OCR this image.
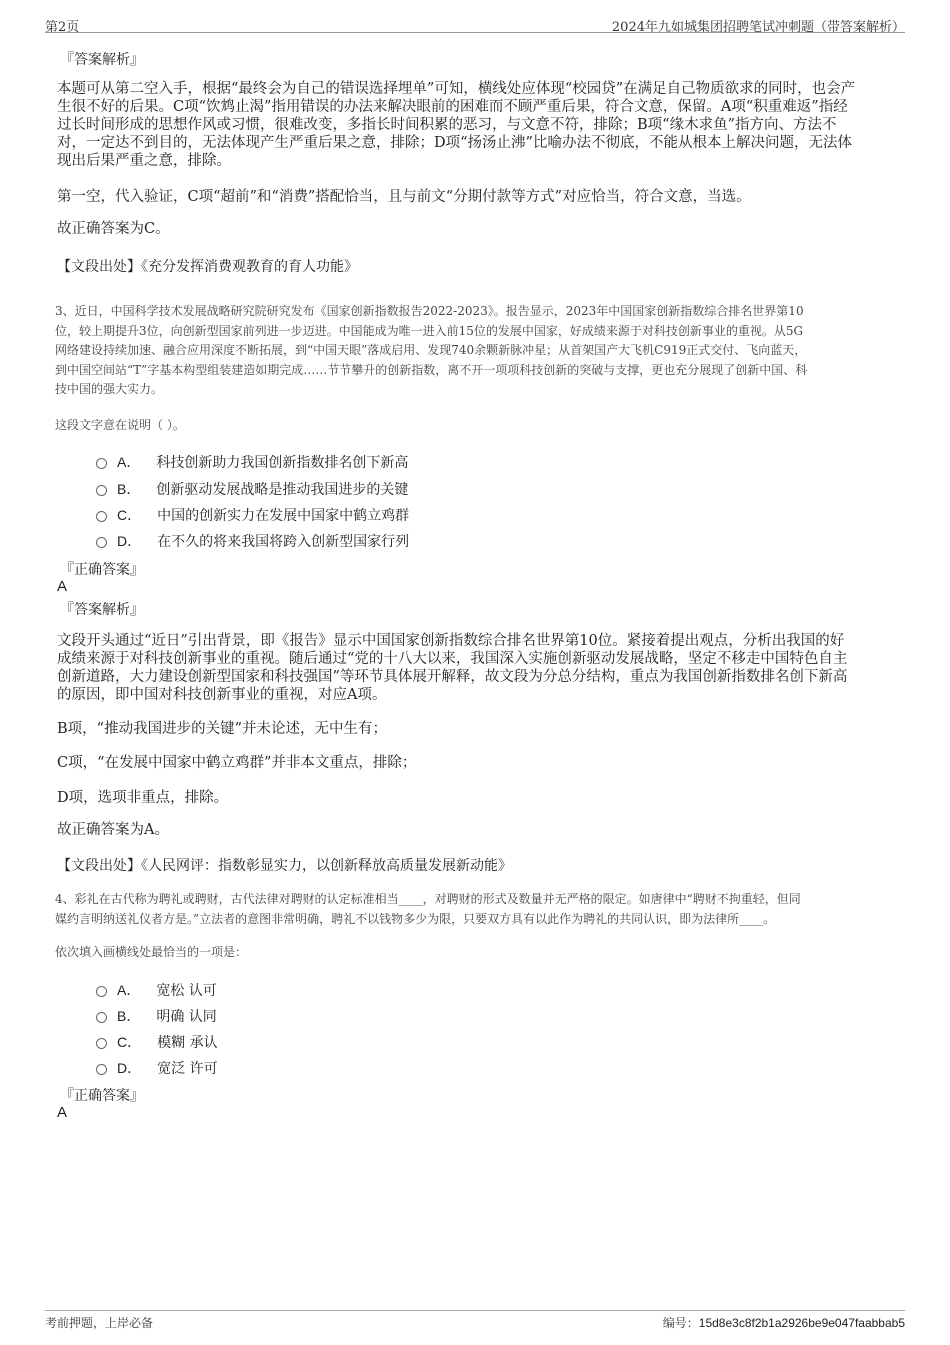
第2页	2024年九如城集团招聘笔试冲刺题（带答案解析）
『答案解析』
本题可从第二空入手，根据“最终会为自己的错误选择埋单”可知，横线处应体现“校园贷”在满足自己物质欲求的同时，也会产
生很不好的后果。C项“饮鸩止渴”指用错误的办法来解决眼前的困难而不顾严重后果，符合文意，保留。A项“积重难返”指经
过长时间形成的思想作风或习惯，很难改变，多指长时间积累的恶习，与文意不符，排除；B项“缘木求鱼”指方向、方法不
对，一定达不到目的，无法体现产生严重后果之意，排除；D项“扬汤止沸”比喻办法不彻底，不能从根本上解决问题，无法体
现出后果严重之意，排除。
第一空，代入验证，C项“超前”和“消费”搭配恰当，且与前文“分期付款等方式”对应恰当，符合文意，当选。
故正确答案为C。
【文段出处】《充分发挥消费观教育的育人功能》
3、近日，中国科学技术发展战略研究院研究发布《国家创新指数报告2022-2023》。报告显示，2023年中国国家创新指数综合排名世界第10
位，较上期提升3位，向创新型国家前列进一步迈进。中国能成为唯一进入前15位的发展中国家，好成绩来源于对科技创新事业的重视。从5G
网络建设持续加速、融合应用深度不断拓展，到“中国天眼”落成启用、发现740余颗新脉冲星；从首架国产大飞机C919正式交付、飞向蓝天，
到中国空间站“T”字基本构型组装建造如期完成……节节攀升的创新指数，离不开一项项科技创新的突破与支撑，更也充分展现了创新中国、科
技中国的强大实力。
这段文字意在说明（ ）。
A． 科技创新助力我国创新指数排名创下新高
B． 创新驱动发展战略是推动我国进步的关键
C． 中国的创新实力在发展中国家中鹤立鸡群
D． 在不久的将来我国将跨入创新型国家行列
『正确答案』
A
『答案解析』
文段开头通过“近日”引出背景，即《报告》显示中国国家创新指数综合排名世界第10位。紧接着提出观点，分析出我国的好
成绩来源于对科技创新事业的重视。随后通过“党的十八大以来，我国深入实施创新驱动发展战略，坚定不移走中国特色自主
创新道路，大力建设创新型国家和科技强国”等环节具体展开解释，故文段为分总分结构，重点为我国创新指数排名创下新高
的原因，即中国对科技创新事业的重视，对应A项。
B项，“推动我国进步的关键”并未论述，无中生有；
C项，“在发展中国家中鹤立鸡群”并非本文重点，排除；
D项，选项非重点，排除。
故正确答案为A。
【文段出处】《人民网评：指数彰显实力，以创新释放高质量发展新动能》
4、彩礼在古代称为聘礼或聘财，古代法律对聘财的认定标准相当____，对聘财的形式及数量并无严格的限定。如唐律中“聘财不拘重轻，但同
媒约言明纳送礼仪者方是。”立法者的意图非常明确，聘礼不以钱物多少为限，只要双方具有以此作为聘礼的共同认识，即为法律所____。
依次填入画横线处最恰当的一项是：
A． 宽松 认可
B． 明确 认同
C． 模糊 承认
D． 宽泛 许可
『正确答案』
A
考前押题，上岸必备	编号：15d8e3c8f2b1a2926be9e047faabbab5
